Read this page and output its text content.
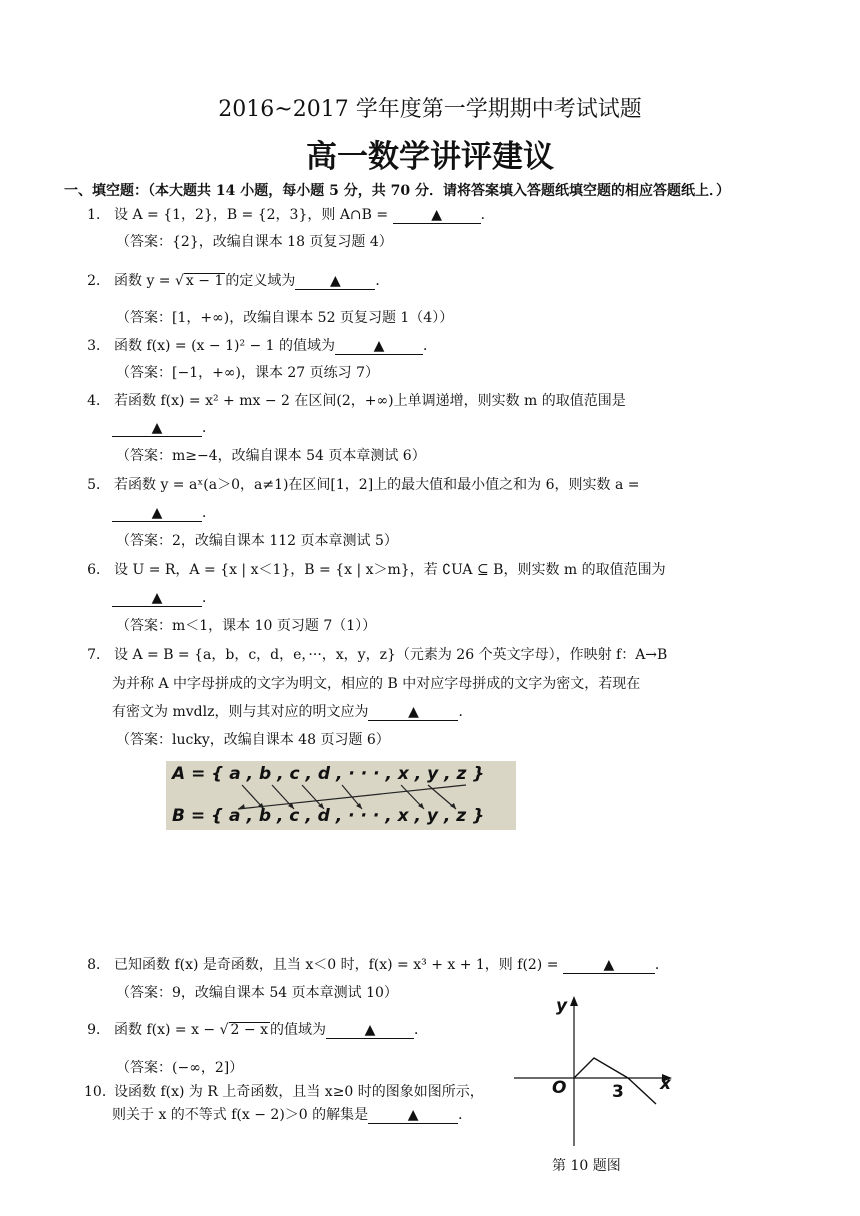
2016~2017 学年度第一学期期中考试试题
高一数学讲评建议
一、填空题：（本大题共 14 小题，每小题 5 分，共 70 分．请将答案填入答题纸填空题的相应答题纸上．）
1． 设 A = {1，2}，B = {2，3}，则 A∩B =	▲	．
（答案：{2}，改编自课本 18 页复习题 4）
2． 函数 y = √ x − 1 的定义域为 ▲ ．
（答案：[1，+∞)，改编自课本 52 页复习题 1（4））
3． 函数 f(x) = (x − 1)² − 1 的值域为	▲	．
（答案：[−1，+∞)，课本 27 页练习 7）
4． 若函数 f(x) = x² + mx − 2 在区间(2，+∞)上单调递增，则实数 m 的取值范围是
▲	．
（答案：m≥−4，改编自课本 54 页本章测试 6）
5． 若函数 y = aˣ(a＞0，a≠1)在区间[1，2]上的最大值和最小值之和为 6，则实数 a =
▲	．
（答案：2，改编自课本 112 页本章测试 5）
6． 设 U = R，A = {x | x＜1}，B = {x | x＞m}，若 ∁UA ⊆ B，则实数 m 的取值范围为
▲	．
（答案：m＜1，课本 10 页习题 7（1））
7． 设 A = B = {a，b，c，d，e，···，x，y，z}（元素为 26 个英文字母），作映射 f：A→B
为并称 A 中字母拼成的文字为明文，相应的 B 中对应字母拼成的文字为密文，若现在
有密文为 mvdlz，则与其对应的明文应为	▲	．
（答案：lucky，改编自课本 48 页习题 6）
A = { a , b , c , d , · · · , x , y , z }
B = { a , b , c , d , · · · , x , y , z }
8． 已知函数 f(x) 是奇函数，且当 x＜0 时，f(x) = x³ + x + 1，则 f(2) =	▲	．
（答案：9，改编自课本 54 页本章测试 10）
9． 函数 f(x) = x − √ 2 − x 的值域为	▲	．
（答案：(−∞，2]）
10．设函数 f(x) 为 R 上奇函数，且当 x≥0 时的图象如图所示，
则关于 x 的不等式 f(x − 2)＞0 的解集是	▲	．
y
x
O	3
第 10 题图
